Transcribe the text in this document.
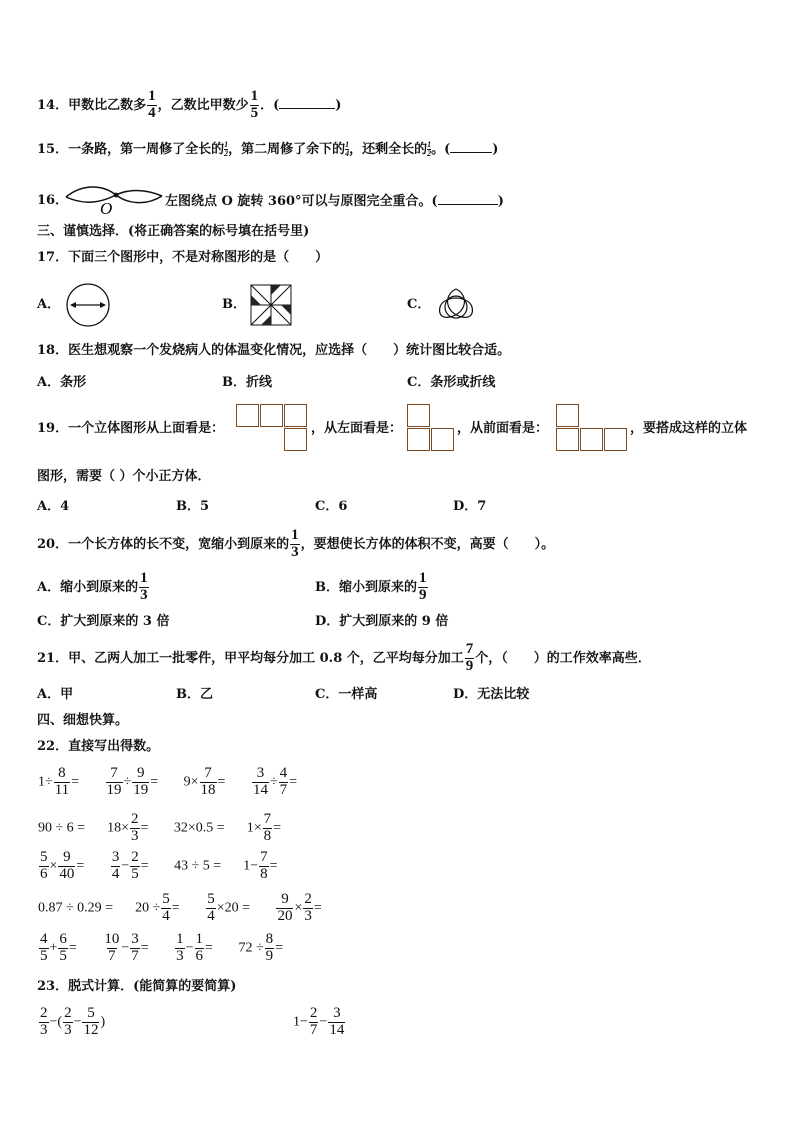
14．甲数比乙数多 $\frac{1}{4}$ ，乙数比甲数少 $\frac{1}{5}$ ．(	)
15．一条路，第一周修了全长的 $\frac{1}{2}$ ，第二周修了余下的 $\frac{1}{4}$ ，还剩全长的 $\frac{1}{2}$ 。(	)
16． O	左图绕点 O 旋转 360°可以与原图完全重合。(	)
三、谨慎选择．(将正确答案的标号填在括号里)
17．下面三个图形中，不是对称图形的是（　　）
A．	B．	C．
18．医生想观察一个发烧病人的体温变化情况，应选择（　　）统计图比较合适。
A．条形	B．折线	C．条形或折线
19．一个立体图形从上面看是：	，从左面看是：	，从前面看是：	，要搭成这样的立体
图形，需要（ ）个小正方体．
A．4	B．5	C．6	D．7
20．一个长方体的长不变，宽缩小到原来的 $\frac{1}{3}$ ，要想使长方体的体积不变，高要（　　）。
A．缩小到原来的 $\frac{1}{3}$	B．缩小到原来的 $\frac{1}{9}$
C．扩大到原来的 3 倍	D．扩大到原来的 9 倍
21．甲、乙两人加工一批零件，甲平均每分加工 0.8 个，乙平均每分加工 $\frac{7}{9}$ 个，（　　）的工作效率高些．
A．甲	B．乙	C．一样高	D．无法比较
四、细想快算。
22．直接写出得数。
$1\div \frac{8}{11} = \frac{7}{19} \div \frac{9}{19} = 9\times \frac{7}{18} = \frac{3}{14} \div \frac{4}{7}$ =
$90 \div 6 = 18\times \frac{2}{3} = 32\times 0.5 = 1\times \frac{7}{8}$ =
$\frac{5}{6} \times \frac{9}{40} = \frac{3}{4} - \frac{2}{5} = 43 \div 5 = 1- \frac{7}{8}$ =
$0.87 \div 0.29 = 20 \div \frac{5}{4} = \frac{5}{4} \times 20 = \frac{9}{20} \times \frac{2}{3}$ =
$\frac{4}{5} + \frac{6}{5} = \frac{10}{7} - \frac{3}{7} = \frac{1}{3} - \frac{1}{6} = 72 \div \frac{8}{9}$ =
23．脱式计算．(能简算的要简算)
$\frac{2}{3}$ −( $\frac{2}{3} - \frac{5}{12}$ )	$1- \frac{2}{7} - \frac{3}{14}$
